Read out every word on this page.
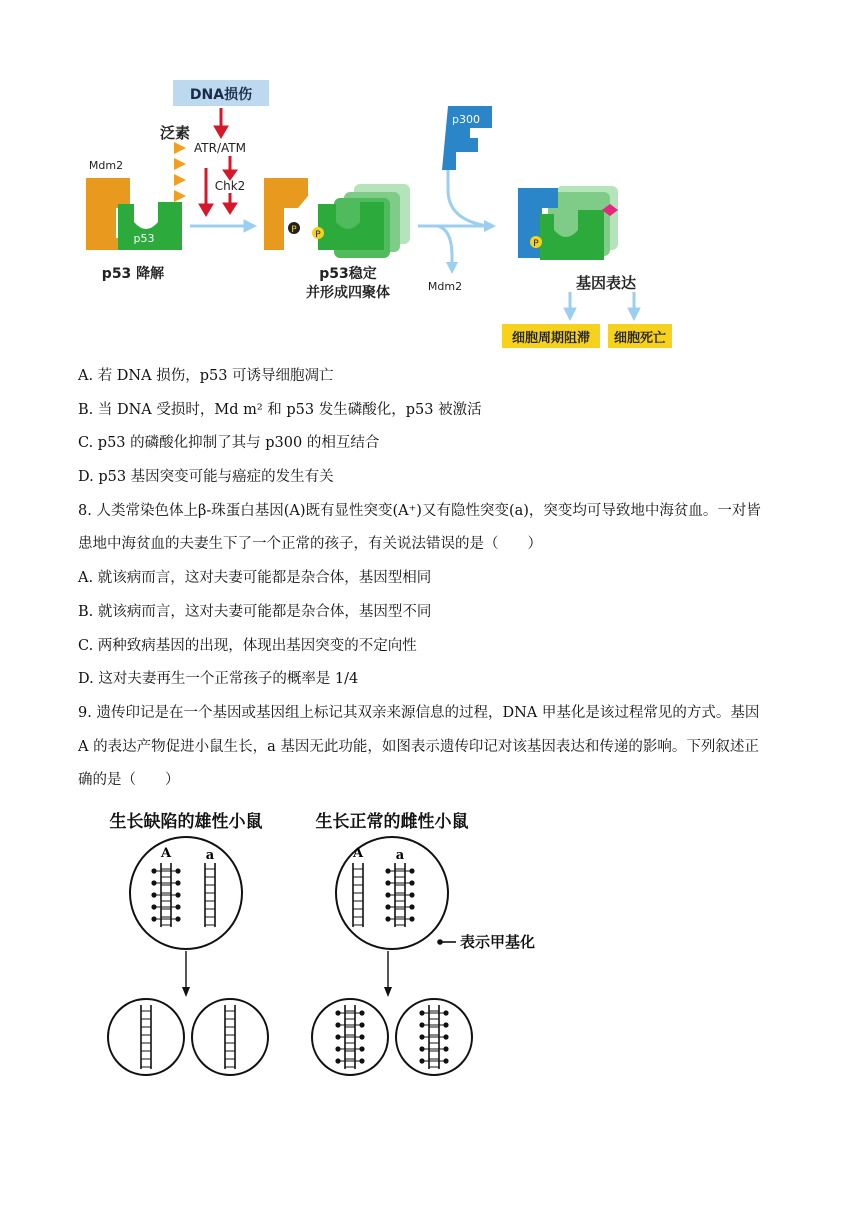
DNA损伤
ATR/ATM
Chk2
泛素
Mdm2
p53
p53 降解
P P
p53稳定
并形成四聚体	Mdm2
p300
P
基因表达
细胞周期阻滞 细胞死亡
A. 若 DNA 损伤，p53 可诱导细胞凋亡
B. 当 DNA 受损时，Md m² 和 p53 发生磷酸化，p53 被激活
C. p53 的磷酸化抑制了其与 p300 的相互结合
D. p53 基因突变可能与癌症的发生有关
8. 人类常染色体上β-珠蛋白基因(A)既有显性突变(A⁺)又有隐性突变(a)，突变均可导致地中海贫血。一对皆
患地中海贫血的夫妻生下了一个正常的孩子，有关说法错误的是（　　）
A. 就该病而言，这对夫妻可能都是杂合体，基因型相同
B. 就该病而言，这对夫妻可能都是杂合体，基因型不同
C. 两种致病基因的出现，体现出基因突变的不定向性
D. 这对夫妻再生一个正常孩子的概率是 1/4
9. 遗传印记是在一个基因或基因组上标记其双亲来源信息的过程，DNA 甲基化是该过程常见的方式。基因
A 的表达产物促进小鼠生长，a 基因无此功能，如图表示遗传印记对该基因表达和传递的影响。下列叙述正
确的是（　　）
生长缺陷的雄性小鼠	生长正常的雌性小鼠
A	a	A	a
表示甲基化
